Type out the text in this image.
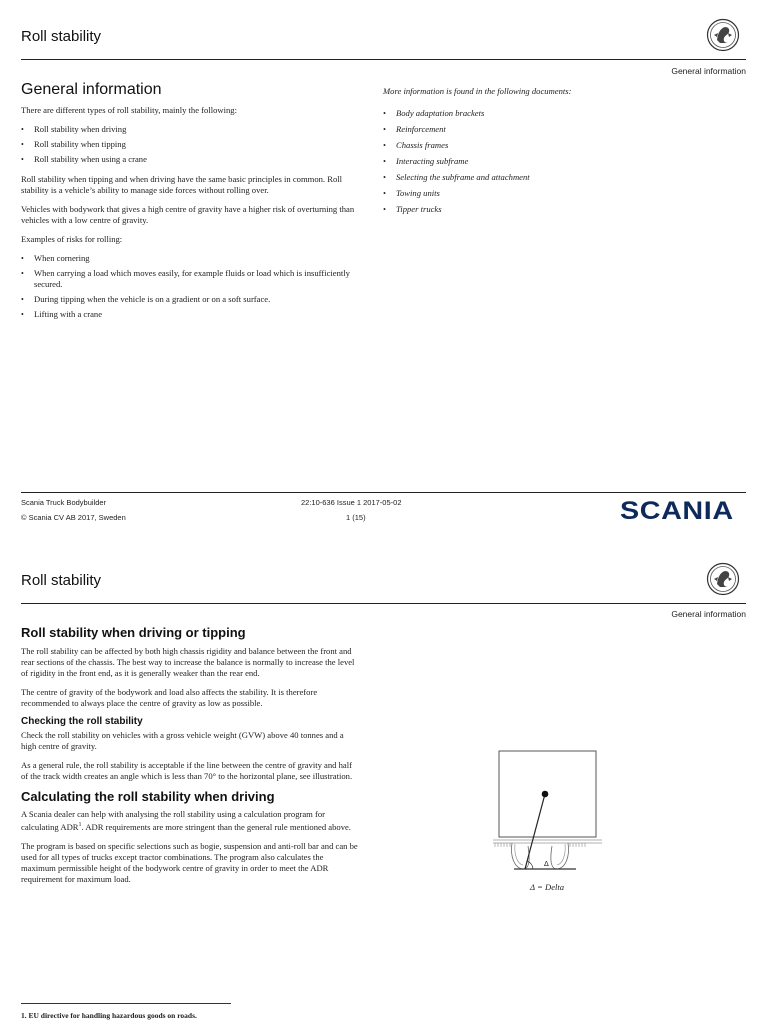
Roll stability
General information
General information

There are different types of roll stability, mainly the following:

• Roll stability when driving
• Roll stability when tipping
• Roll stability when using a crane

Roll stability when tipping and when driving have the same basic principles in common. Roll stability is a vehicle’s ability to manage side forces without rolling over.

Vehicles with bodywork that gives a high centre of gravity have a higher risk of overturning than vehicles with a low centre of gravity.

Examples of risks for rolling:

• When cornering
• When carrying a load which moves easily, for example fluids or load which is insufficiently secured.
• During tipping when the vehicle is on a gradient or on a soft surface.
• Lifting with a crane

More information is found in the following documents:

• Body adaptation brackets
• Reinforcement
• Chassis frames
• Interacting subframe
• Selecting the subframe and attachment
• Towing units
• Tipper trucks
Scania Truck Bodybuilder
© Scania CV AB 2017, Sweden
22:10-636 Issue 1 2017-05-02
1 (15)	SCANIA
Roll stability
General information
Roll stability when driving or tipping

The roll stability can be affected by both high chassis rigidity and balance between the front and rear sections of the chassis. The best way to increase the balance is normally to increase the level of rigidity in the front end, as it is generally weaker than the rear end.

The centre of gravity of the bodywork and load also affects the stability. It is therefore recommended to always place the centre of gravity as low as possible.

Checking the roll stability

Check the roll stability on vehicles with a gross vehicle weight (GVW) above 40 tonnes and a high centre of gravity.

As a general rule, the roll stability is acceptable if the line between the centre of gravity and half of the track width creates an angle which is less than 70° to the horizontal plane, see illustration.

Calculating the roll stability when driving

A Scania dealer can help with analysing the roll stability using a calculation program for calculating ADR$^1$. ADR requirements are more stringent than the general rule mentioned above.

The program is based on specific selections such as bogie, suspension and anti-roll bar and can be used for all types of trucks except tractor combinations. The program also calculates the maximum permissible height of the bodywork centre of gravity in order to meet the ADR requirement for maximum load.

Δ
Δ = Delta
1. EU directive for handling hazardous goods on roads.
